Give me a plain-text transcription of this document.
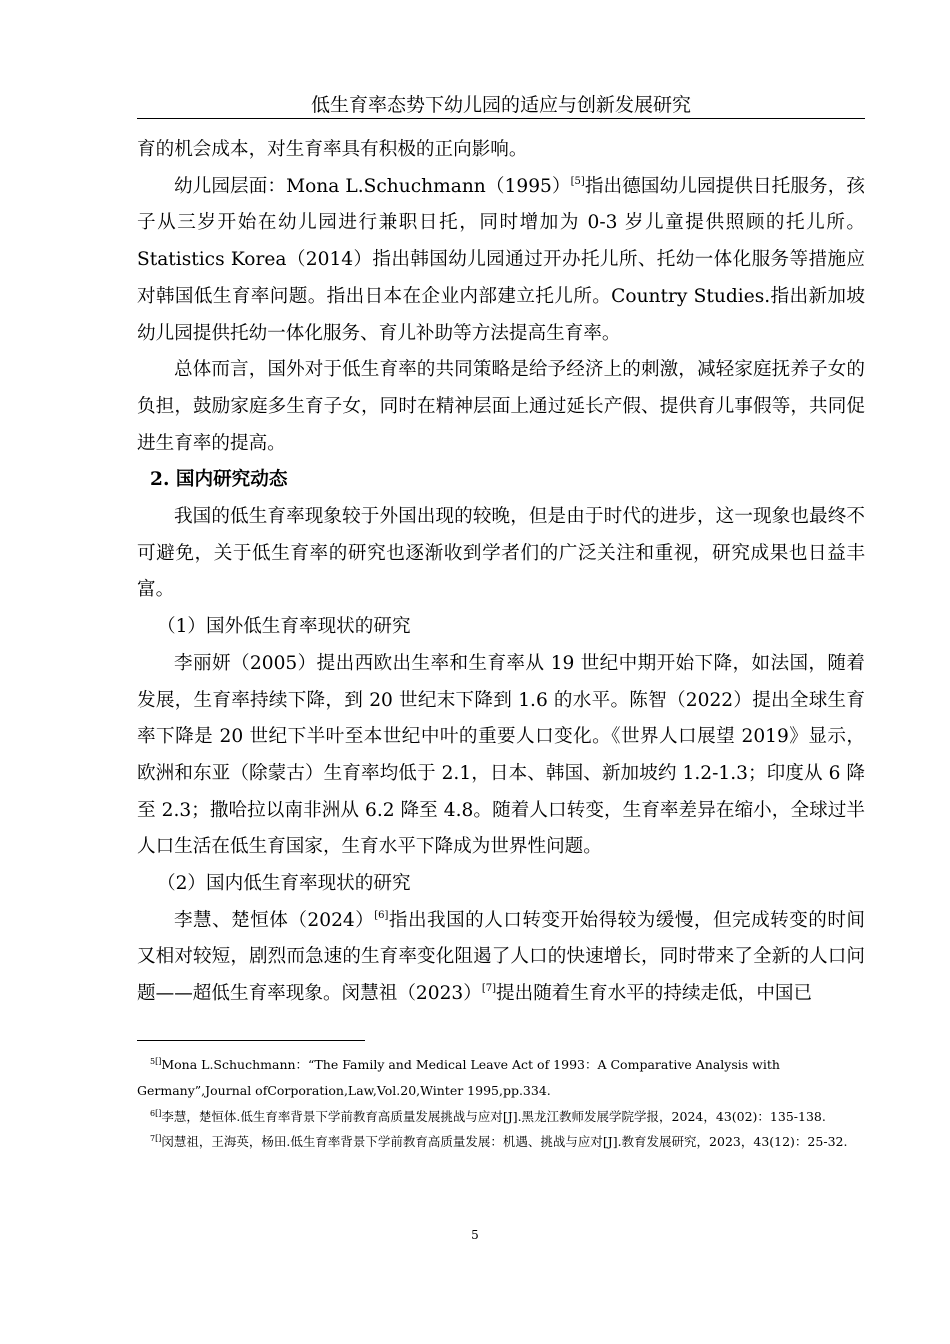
低生育率态势下幼儿园的适应与创新发展研究

育的机会成本，对生育率具有积极的正向影响。

幼儿园层面：Mona L.Schuchmann（1995）[5]指出德国幼儿园提供日托服务，孩子从三岁开始在幼儿园进行兼职日托，同时增加为 0-3 岁儿童提供照顾的托儿所。Statistics Korea（2014）指出韩国幼儿园通过开办托儿所、托幼一体化服务等措施应对韩国低生育率问题。指出日本在企业内部建立托儿所。Country Studies.指出新加坡幼儿园提供托幼一体化服务、育儿补助等方法提高生育率。

总体而言，国外对于低生育率的共同策略是给予经济上的刺激，减轻家庭抚养子女的负担，鼓励家庭多生育子女，同时在精神层面上通过延长产假、提供育儿事假等，共同促进生育率的提高。

2. 国内研究动态

我国的低生育率现象较于外国出现的较晚，但是由于时代的进步，这一现象也最终不可避免，关于低生育率的研究也逐渐收到学者们的广泛关注和重视，研究成果也日益丰富。

（1）国外低生育率现状的研究

李丽妍（2005）提出西欧出生率和生育率从 19 世纪中期开始下降，如法国，随着发展，生育率持续下降，到 20 世纪末下降到 1.6 的水平。陈智（2022）提出全球生育率下降是 20 世纪下半叶至本世纪中叶的重要人口变化。《世界人口展望 2019》显示，欧洲和东亚（除蒙古）生育率均低于 2.1，日本、韩国、新加坡约 1.2-1.3；印度从 6 降至 2.3；撒哈拉以南非洲从 6.2 降至 4.8。随着人口转变，生育率差异在缩小，全球过半人口生活在低生育国家，生育水平下降成为世界性问题。

（2）国内低生育率现状的研究

李慧、楚恒体（2024）[6]指出我国的人口转变开始得较为缓慢，但完成转变的时间又相对较短，剧烈而急速的生育率变化阻遏了人口的快速增长，同时带来了全新的人口问题——超低生育率现象。闵慧祖（2023）[7]提出随着生育水平的持续走低，中国已

$^{5[]}$Mona L.Schuchmann：“The Family and Medical Leave Act of 1993：A Comparative Analysis with Germany”,Journal ofCorporation,Law,Vol.20,Winter 1995,pp.334.

$^{6[]}$李慧，楚恒体.低生育率背景下学前教育高质量发展挑战与应对[J].黑龙江教师发展学院学报，2024，43(02)：135-138.

$^{7[]}$闵慧祖，王海英，杨田.低生育率背景下学前教育高质量发展：机遇、挑战与应对[J].教育发展研究，2023，43(12)：25-32.

5
